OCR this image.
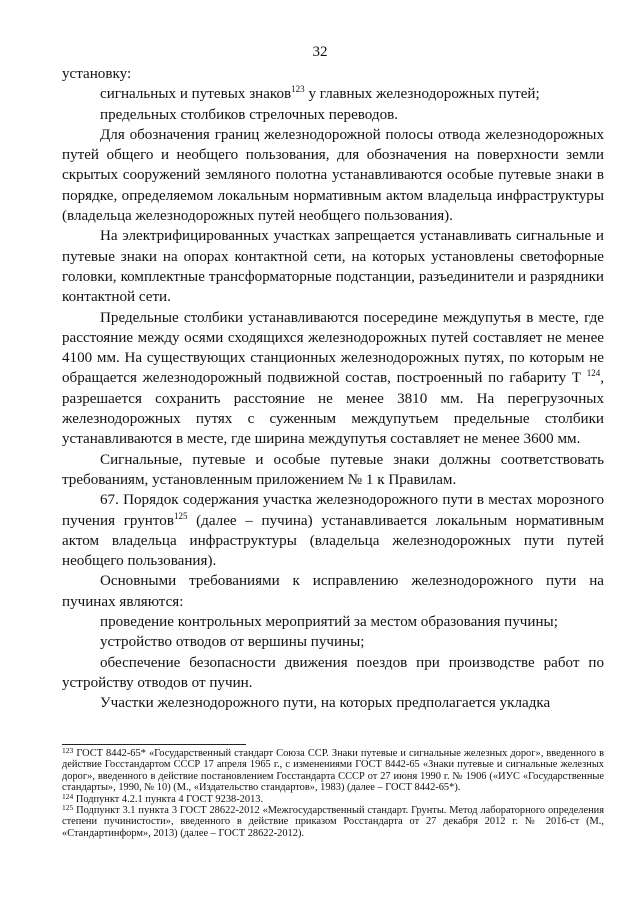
32

установку:

сигнальных и путевых знаков$^{123}$ у главных железнодорожных путей;

предельных столбиков стрелочных переводов.

Для обозначения границ железнодорожной полосы отвода железнодорожных путей общего и необщего пользования, для обозначения на поверхности земли скрытых сооружений земляного полотна устанавливаются особые путевые знаки в порядке, определяемом локальным нормативным актом владельца инфраструктуры (владельца железнодорожных путей необщего пользования).

На электрифицированных участках запрещается устанавливать сигнальные и путевые знаки на опорах контактной сети, на которых установлены светофорные головки, комплектные трансформаторные подстанции, разъединители и разрядники контактной сети.

Предельные столбики устанавливаются посередине междупутья в месте, где расстояние между осями сходящихся железнодорожных путей составляет не менее 4100 мм. На существующих станционных железнодорожных путях, по которым не обращается железнодорожный подвижной состав, построенный по габариту Т $^{124}$, разрешается сохранить расстояние не менее 3810 мм. На перегрузочных железнодорожных путях с суженным междупутьем предельные столбики устанавливаются в месте, где ширина междупутья составляет не менее 3600 мм.

Сигнальные, путевые и особые путевые знаки должны соответствовать требованиям, установленным приложением № 1 к Правилам.

67. Порядок содержания участка железнодорожного пути в местах морозного пучения грунтов$^{125}$ (далее – пучина) устанавливается локальным нормативным актом владельца инфраструктуры (владельца железнодорожных пути путей необщего пользования).

Основными требованиями к исправлению железнодорожного пути на пучинах являются:

проведение контрольных мероприятий за местом образования пучины;

устройство отводов от вершины пучины;

обеспечение безопасности движения поездов при производстве работ по устройству отводов от пучин.

Участки железнодорожного пути, на которых предполагается укладка

$^{123}$ ГОСТ 8442-65* «Государственный стандарт Союза ССР. Знаки путевые и сигнальные железных дорог», введенного в действие Госстандартом СССР 17 апреля 1965 г., с изменениями ГОСТ 8442-65 «Знаки путевые и сигнальные железных дорог», введенного в действие постановлением Госстандарта СССР от 27 июня 1990 г. № 1906 («ИУС «Государственные стандарты», 1990, № 10) (М., «Издательство стандартов», 1983) (далее – ГОСТ 8442-65*).

$^{124}$ Подпункт 4.2.1 пункта 4 ГОСТ 9238-2013.

$^{125}$ Подпункт 3.1 пункта 3 ГОСТ 28622-2012 «Межгосударственный стандарт. Грунты. Метод лабораторного определения степени пучинистости», введенного в действие приказом Росстандарта от 27 декабря 2012 г. № 2016-ст (М., «Стандартинформ», 2013) (далее – ГОСТ 28622-2012).
